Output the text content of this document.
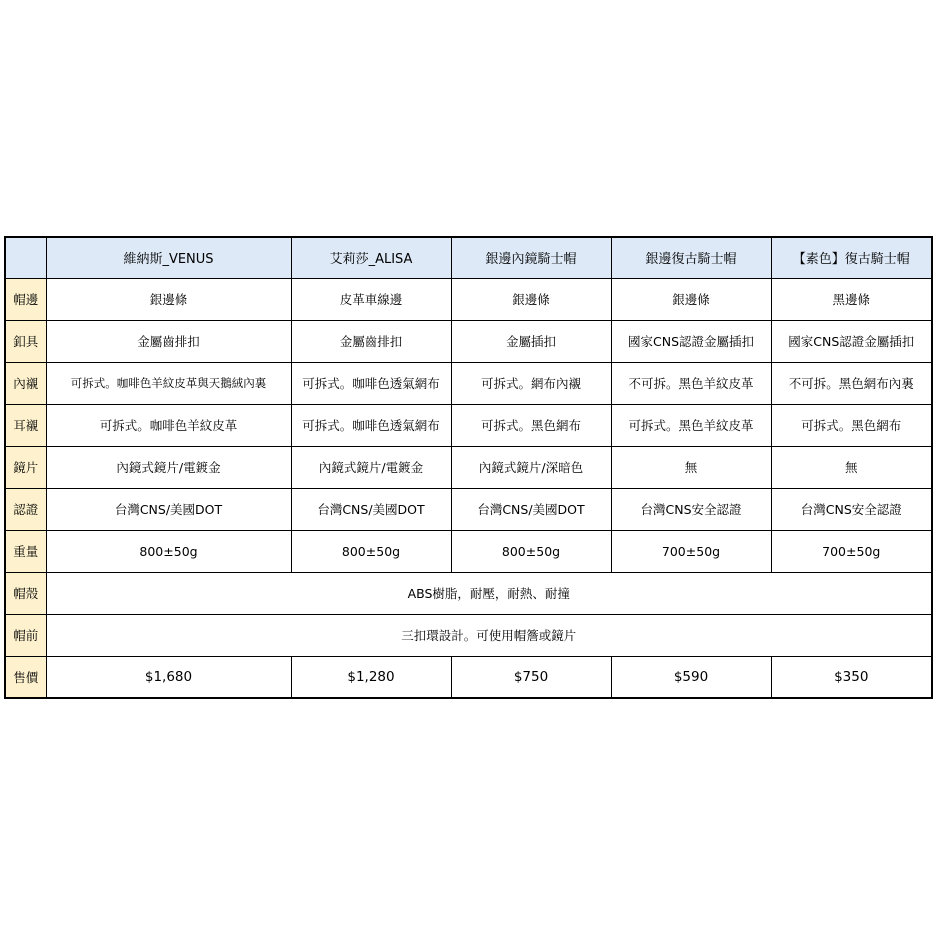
	維納斯_VENUS	艾莉莎_ALISA	銀邊內鏡騎士帽	銀邊復古騎士帽	【素色】復古騎士帽
帽邊	銀邊條	皮革車線邊	銀邊條	銀邊條	黑邊條
釦具	金屬齒排扣	金屬齒排扣	金屬插扣	國家CNS認證金屬插扣	國家CNS認證金屬插扣
內襯	可拆式。咖啡色羊紋皮革與天鵝絨內裏	可拆式。咖啡色透氣網布	可拆式。網布內襯	不可拆。黑色羊紋皮革	不可拆。黑色網布內裏
耳襯	可拆式。咖啡色羊紋皮革	可拆式。咖啡色透氣網布	可拆式。黑色網布	可拆式。黑色羊紋皮革	可拆式。黑色網布
鏡片	內鏡式鏡片/電鍍金	內鏡式鏡片/電鍍金	內鏡式鏡片/深暗色	無	無
認證	台灣CNS/美國DOT	台灣CNS/美國DOT	台灣CNS/美國DOT	台灣CNS安全認證	台灣CNS安全認證
重量	800±50g	800±50g	800±50g	700±50g	700±50g
帽殼	ABS樹脂，耐壓，耐熱、耐撞				
帽前	三扣環設計。可使用帽簷或鏡片				
售價	$1,680	$1,280	$750	$590	$350
